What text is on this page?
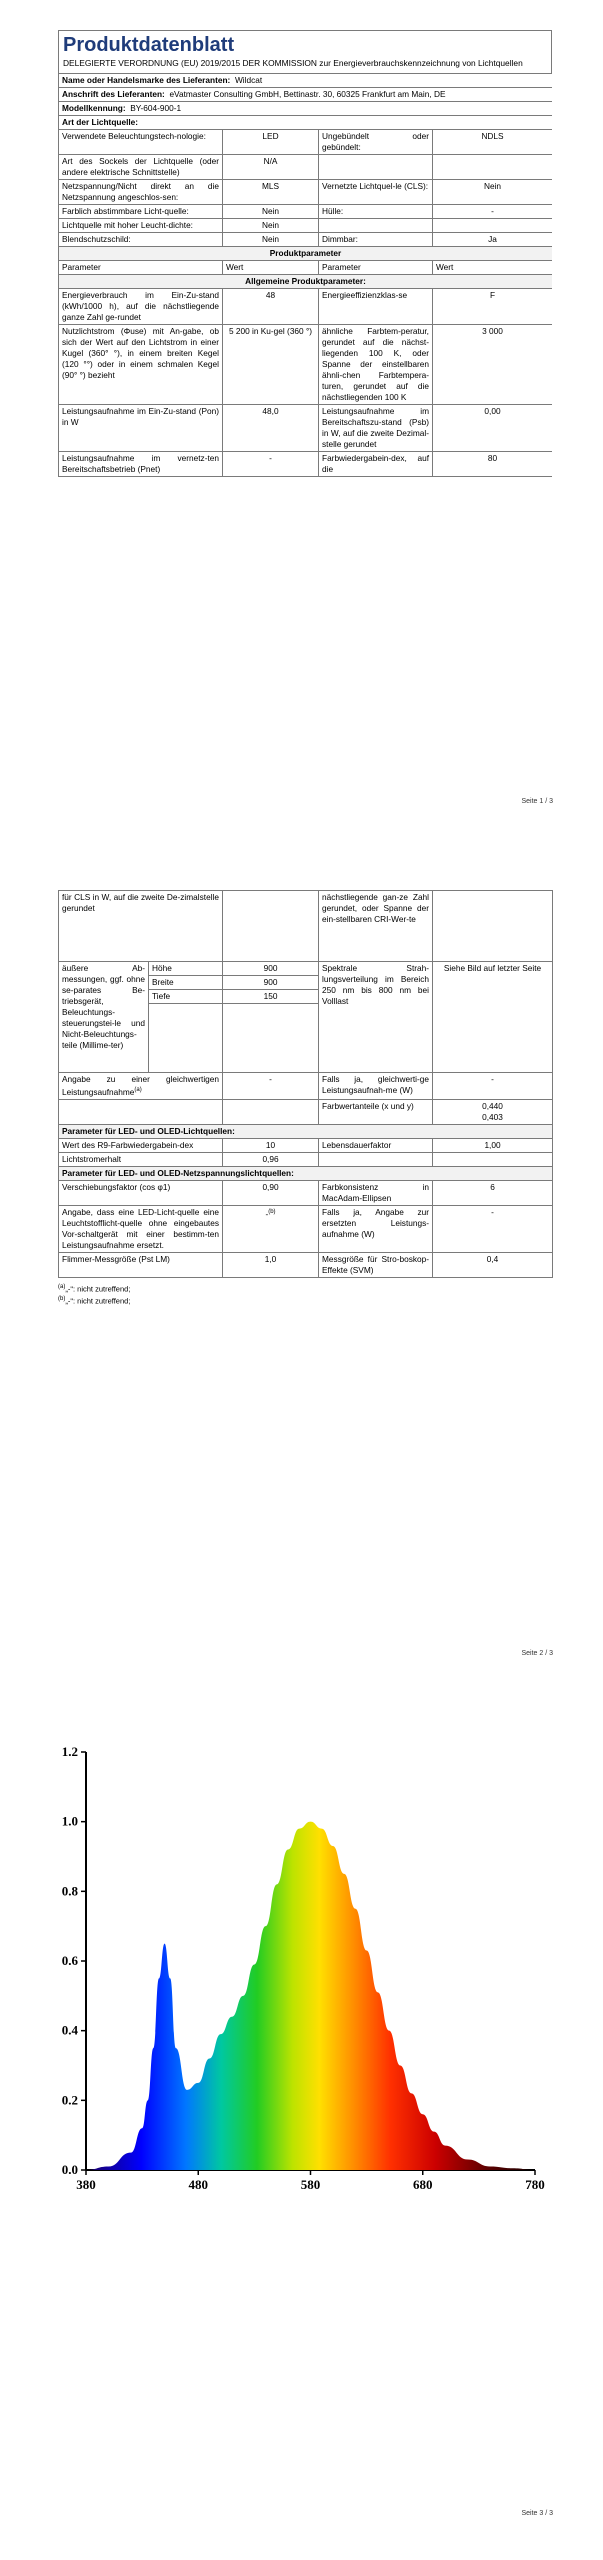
Produktdatenblatt
DELEGIERTE VERORDNUNG (EU) 2019/2015 DER KOMMISSION zur Energieverbrauchskennzeichnung von Lichtquellen
Name oder Handelsmarke des Lieferanten: Wildcat			
Anschrift des Lieferanten: eVatmaster Consulting GmbH, Bettinastr. 30, 60325 Frankfurt am Main, DE			
Modellkennung: BY-604-900-1			
Art der Lichtquelle:			
Verwendete Beleuchtungstech-nologie:	LED	Ungebündelt oder gebündelt:	NDLS
Art des Sockels der Lichtquelle (oder andere elektrische Schnittstelle)	N/A		
Netzspannung/Nicht direkt an die Netzspannung angeschlos-sen:	MLS	Vernetzte Lichtquel-le (CLS):	Nein
Farblich abstimmbare Licht-quelle:	Nein	Hülle:	-
Lichtquelle mit hoher Leucht-dichte:	Nein		
Blendschutzschild:	Nein	Dimmbar:	Ja
Produktparameter			
Parameter	Wert	Parameter	Wert
Allgemeine Produktparameter:			
Energieverbrauch im Ein-Zu-stand (kWh/1000 h), auf die nächstliegende ganze Zahl ge-rundet	48	Energieeffizienzklas-se	F
Nutzlichtstrom (Φuse) mit An-gabe, ob sich der Wert auf den Lichtstrom in einer Kugel (360° °), in einem breiten Kegel (120 °°) oder in einem schmalen Kegel (90° °) bezieht	5 200 in Ku-gel (360 °)	ähnliche Farbtem-peratur, gerundet auf die nächst-liegenden 100 K, oder Spanne der einstellbaren ähnli-chen Farbtempera-turen, gerundet auf die nächstliegenden 100 K	3 000
Leistungsaufnahme im Ein-Zu-stand (Pon) in W	48,0	Leistungsaufnahme im Bereitschaftszu-stand (Psb) in W, auf die zweite Dezimal-stelle gerundet	0,00
Leistungsaufnahme im vernetz-ten Bereitschaftsbetrieb (Pnet)	-	Farbwiedergabein-dex, auf die	80
Seite 1 / 3
für CLS in W, auf die zweite De-zimalstelle gerundet			nächstliegende gan-ze Zahl gerundet, oder Spanne der ein-stellbaren CRI-Wer-te	
äußere Ab-messungen, ggf. ohne se-parates Be-triebsgerät, Beleuchtungs-steuerungstei-le und Nicht-Beleuchtungs-teile (Millime-ter)	Höhe	900	Spektrale Strah-lungsverteilung im Bereich 250 nm bis 800 nm bei Volllast	Siehe Bild auf letzter Seite
	Breite	900		
	Tiefe	150		

Angabe zu einer gleichwertigen Leistungsaufnahme$^{(a)}$		-	Falls ja, gleichwerti-ge Leistungsaufnah-me (W)	-
			Farbwertanteile (x und y)	0,440
0,403

Parameter für LED- und OLED-Lichtquellen:				
Wert des R9-Farbwiedergabein-dex		10	Lebensdauerfaktor	1,00
Lichtstromerhalt		0,96		
Parameter für LED- und OLED-Netzspannungslichtquellen:				
Verschiebungsfaktor (cos φ1)		0,90	Farbkonsistenz in MacAdam-Ellipsen	6
Angabe, dass eine LED-Licht-quelle eine Leuchtstofflicht-quelle ohne eingebautes Vor-schaltgerät mit einer bestimm-ten Leistungsaufnahme ersetzt.		-$^{(b)}$	Falls ja, Angabe zur ersetzten Leistungs-aufnahme (W)	-
Flimmer-Messgröße (Pst LM)		1,0	Messgröße für Stro-boskop-Effekte (SVM)	0,4
$^{(a)}$„-": nicht zutreffend;
$^{(b)}$„-": nicht zutreffend;
Seite 2 / 3
380	480	580	680	780
0.0
0.2
0.4
0.6
0.8
1.0
1.2
Seite 3 / 3
